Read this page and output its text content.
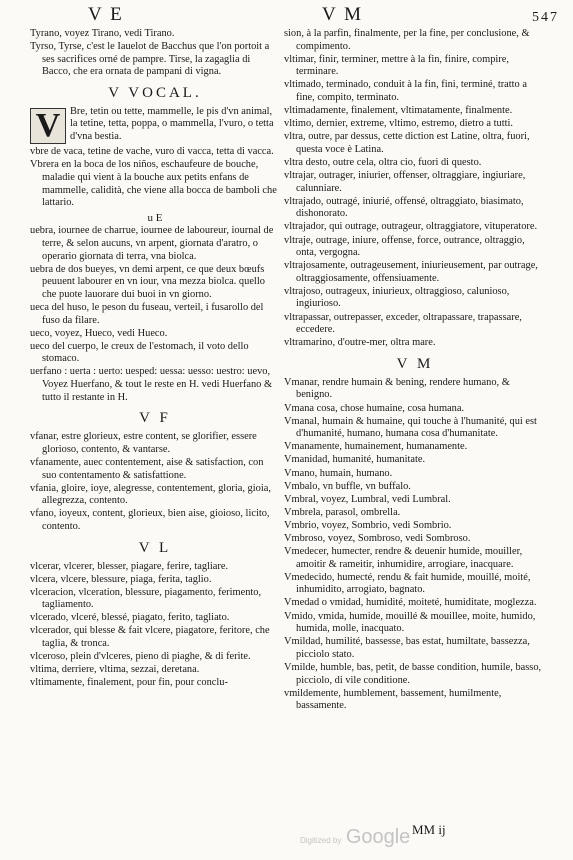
V E	V M	547
Tyrano, voyez Tirano, vedi Tirano.
Tyrso, Tyrse, c'est le Iauelot de Bacchus que l'on portoit a ses sacrifices orné de pampre. Tirse, la zagaglia di Bacco, che era ornata de pampani di vigna.
V VOCAL.
V Bre, tetin ou tette, mammelle, le pis d'vn animal, la tetine, tetta, poppa, o mammella, l'vuro, o tetta d'vna bestia.
vbre de vaca, tetine de vache, vuro di vacca, tetta di vacca.
Vbrera en la boca de los niños, eschaufeure de bouche, maladie qui vient à la bouche aux petits enfans de mammelle, calidità, che viene alla bocca de bamboli che lattario.
u E
uebra, iournee de charrue, iournee de laboureur, iournal de terre, & selon aucuns, vn arpent, giornata d'aratro, o operario giornata di terra, vna biolca.
uebra de dos bueyes, vn demi arpent, ce que deux bœufs peuuent labourer en vn iour, vna mezza biolca. quello che puote lauorare dui buoi in vn giorno.
ueca del huso, le peson du fuseau, verteil, i fusarollo del fuso da filare.
ueco, voyez, Hueco, vedi Hueco.
ueco del cuerpo, le creux de l'estomach, il voto dello stomaco.
uerfano : uerta : uerto: uesped: uessa: uesso: uestro: uevo, Voyez Huerfano, & tout le reste en H. vedi Huerfano & tutto il restante in H.
V F
vfanar, estre glorieux, estre content, se glorifier, essere glorioso, contento, & vantarse.
vfanamente, auec contentement, aise & satisfaction, con suo contentamento & satisfattione.
vfania, gloire, ioye, alegresse, contentement, gloria, gioia, allegrezza, contento.
vfano, ioyeux, content, glorieux, bien aise, gioioso, licito, contento.
V L
vlcerar, vlcerer, blesser, piagare, ferire, tagliare.
vlcera, vlcere, blessure, piaga, ferita, taglio.
vlceracion, vlceration, blessure, piagamento, ferimento, tagliamento.
vlcerado, vlceré, blessé, piagato, ferito, tagliato.
vlcerador, qui blesse & fait vlcere, piagatore, feritore, che taglia, & tronca.
vlceroso, plein d'vlceres, pieno di piaghe, & di ferite.
vltima, derriere, vltima, sezzai, deretana.
vltimamente, finalement, pour fin, pour conclu-
sion, à la parfin, finalmente, per la fine, per conclusione, & compimento.
vltimar, finir, terminer, mettre à la fin, finire, compire, terminare.
vltimado, terminado, conduit à la fin, fini, terminé, tratto a fine, compito, terminato.
vltimadamente, finalement, vltimatamente, finalmente.
vltimo, dernier, extreme, vltimo, estremo, dietro a tutti.
vltra, outre, par dessus, cette diction est Latine, oltra, fuori, questa voce è Latina.
vltra desto, outre cela, oltra cio, fuori di questo.
vltrajar, outrager, iniurier, offenser, oltraggiare, ingiuriare, calunniare.
vltrajado, outragé, iniurié, offensé, oltraggiato, biasimato, dishonorato.
vltrajador, qui outrage, outrageur, oltraggiatore, vituperatore.
vltraje, outrage, iniure, offense, force, outrance, oltraggio, onta, vergogna.
vltrajosamente, outrageusement, iniurieusement, par outrage, oltraggiosamente, offensiuamente.
vltrajoso, outrageux, iniurieux, oltraggioso, calunioso, ingiurioso.
vltrapassar, outrepasser, exceder, oltrapassare, trapassare, eccedere.
vltramarino, d'outre-mer, oltra mare.
V M
Vmanar, rendre humain & bening, rendere humano, & benigno.
Vmana cosa, chose humaine, cosa humana.
Vmanal, humain & humaine, qui touche à l'humanité, qui est d'humanité, humano, humana cosa d'humanitate.
Vmanamente, humainement, humanamente.
Vmanidad, humanité, humanitate.
Vmano, humain, humano.
Vmbalo, vn buffle, vn buffalo.
Vmbral, voyez, Lumbral, vedi Lumbral.
Vmbrela, parasol, ombrella.
Vmbrio, voyez, Sombrio, vedi Sombrio.
Vmbroso, voyez, Sombroso, vedi Sombroso.
Vmedecer, humecter, rendre & deuenir humide, mouiller, amoitir & rameitir, inhumidire, arrogiare, inacquare.
Vmedecido, humecté, rendu & fait humide, mouillé, moité, inhumidito, arrogiato, bagnato.
Vmedad o vmidad, humidité, moiteté, humiditate, moglezza.
Vmido, vmida, humide, mouillé & mouillee, moite, humido, humida, molle, inacquato.
Vmildad, humilité, bassesse, bas estat, humiltate, bassezza, picciolo stato.
Vmilde, humble, bas, petit, de basse condition, humile, basso, picciolo, di vile conditione.
vmildemente, humblement, bassement, humilmente, bassamente.
Digitized by Google MM ij
